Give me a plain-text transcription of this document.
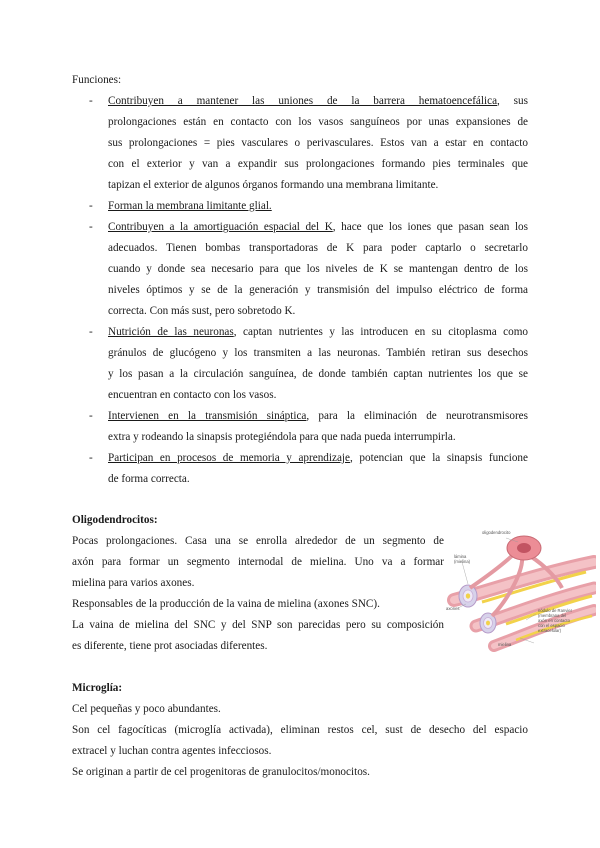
Funciones:
- Contribuyen a mantener las uniones de la barrera hematoencefálica, sus
prolongaciones están en contacto con los vasos sanguíneos por unas expansiones de
sus prolongaciones = pies vasculares o perivasculares. Estos van a estar en contacto
con el exterior y van a expandir sus prolongaciones formando pies terminales que
tapizan el exterior de algunos órganos formando una membrana limitante.
- Forman la membrana limitante glial.
- Contribuyen a la amortiguación espacial del K, hace que los iones que pasan sean los
adecuados. Tienen bombas transportadoras de K para poder captarlo o secretarlo
cuando y donde sea necesario para que los niveles de K se mantengan dentro de los
niveles óptimos y se de la generación y transmisión del impulso eléctrico de forma
correcta. Con más sust, pero sobretodo K.
- Nutrición de las neuronas, captan nutrientes y las introducen en su citoplasma como
gránulos de glucógeno y los transmiten a las neuronas. También retiran sus desechos
y los pasan a la circulación sanguínea, de donde también captan nutrientes los que se
encuentran en contacto con los vasos.
- Intervienen en la transmisión sináptica, para la eliminación de neurotransmisores
extra y rodeando la sinapsis protegiéndola para que nada pueda interrumpirla.
- Participan en procesos de memoria y aprendizaje, potencian que la sinapsis funcione
de forma correcta.
Oligodendrocitos:
Pocas prolongaciones. Casa una se enrolla alrededor de un segmento de
axón para formar un segmento internodal de mielina. Uno va a formar
mielina para varios axones.
Responsables de la producción de la vaina de mielina (axones SNC).
La vaina de mielina del SNC y del SNP son parecidas pero su composición
es diferente, tiene prot asociadas diferentes.
oligodendrocito
lámina
(mielina)
axones	nódulo de Ranvier
(membrana del
axón en contacto
con el espacio
extracelular)
mielina
Microglía:
Cel pequeñas y poco abundantes.
Son cel fagocíticas (microglía activada), eliminan restos cel, sust de desecho del espacio
extracel y luchan contra agentes infecciosos.
Se originan a partir de cel progenitoras de granulocitos/monocitos.
